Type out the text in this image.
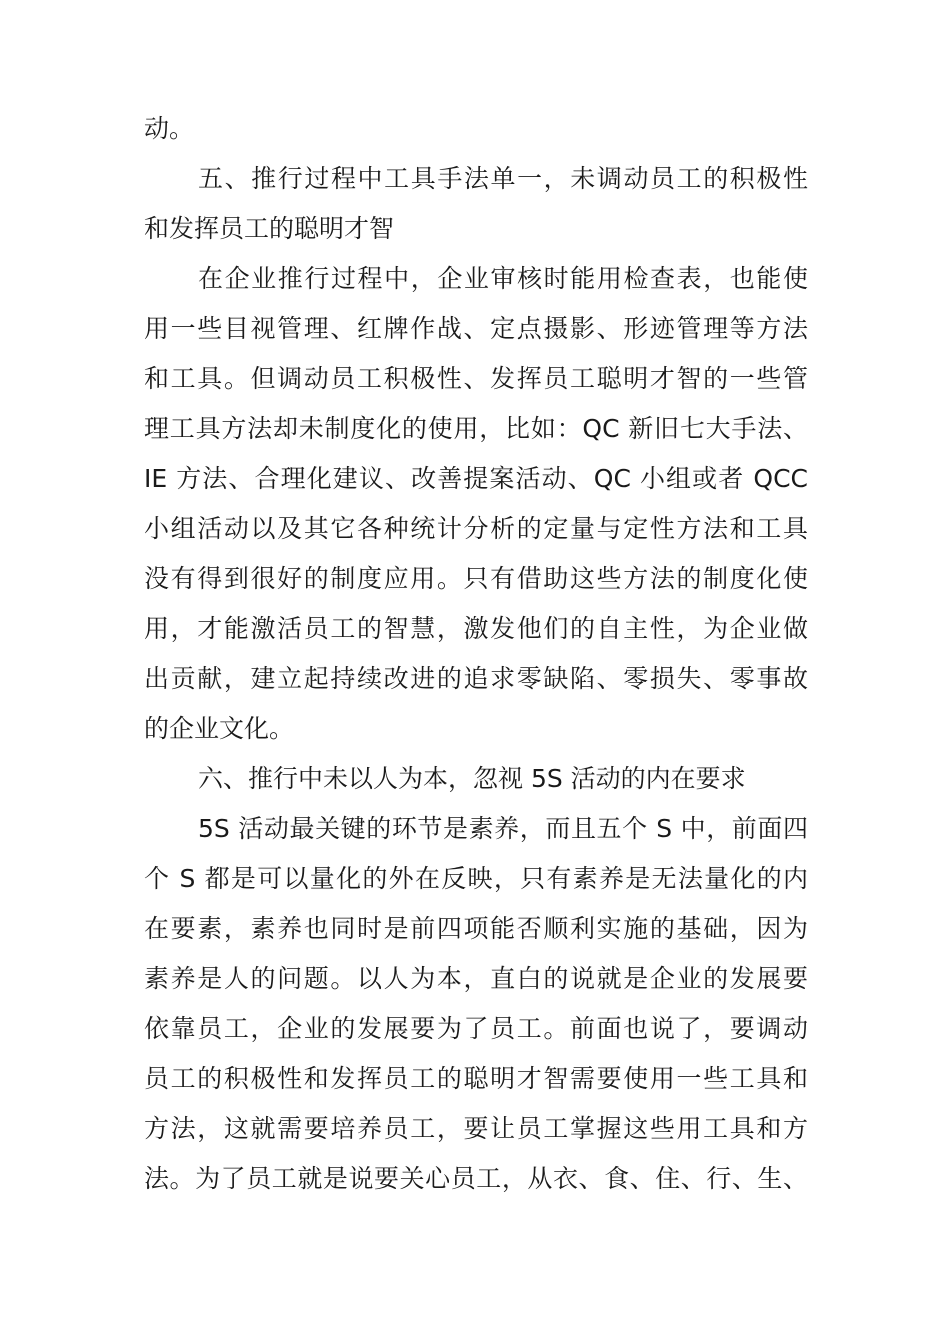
动。
五、推行过程中工具手法单一，未调动员工的积极性
和发挥员工的聪明才智
在企业推行过程中，企业审核时能用检查表，也能使
用一些目视管理、红牌作战、定点摄影、形迹管理等方法
和工具。但调动员工积极性、发挥员工聪明才智的一些管
理工具方法却未制度化的使用，比如：QC 新旧七大手法、
IE 方法、合理化建议、改善提案活动、QC 小组或者 QCC
小组活动以及其它各种统计分析的定量与定性方法和工具
没有得到很好的制度应用。只有借助这些方法的制度化使
用，才能激活员工的智慧，激发他们的自主性，为企业做
出贡献，建立起持续改进的追求零缺陷、零损失、零事故
的企业文化。
六、推行中未以人为本，忽视 5S 活动的内在要求
5S 活动最关键的环节是素养，而且五个 S 中，前面四
个 S 都是可以量化的外在反映，只有素养是无法量化的内
在要素，素养也同时是前四项能否顺利实施的基础，因为
素养是人的问题。以人为本，直白的说就是企业的发展要
依靠员工，企业的发展要为了员工。前面也说了，要调动
员工的积极性和发挥员工的聪明才智需要使用一些工具和
方法，这就需要培养员工，要让员工掌握这些用工具和方
法。为了员工就是说要关心员工，从衣、食、住、行、生、
